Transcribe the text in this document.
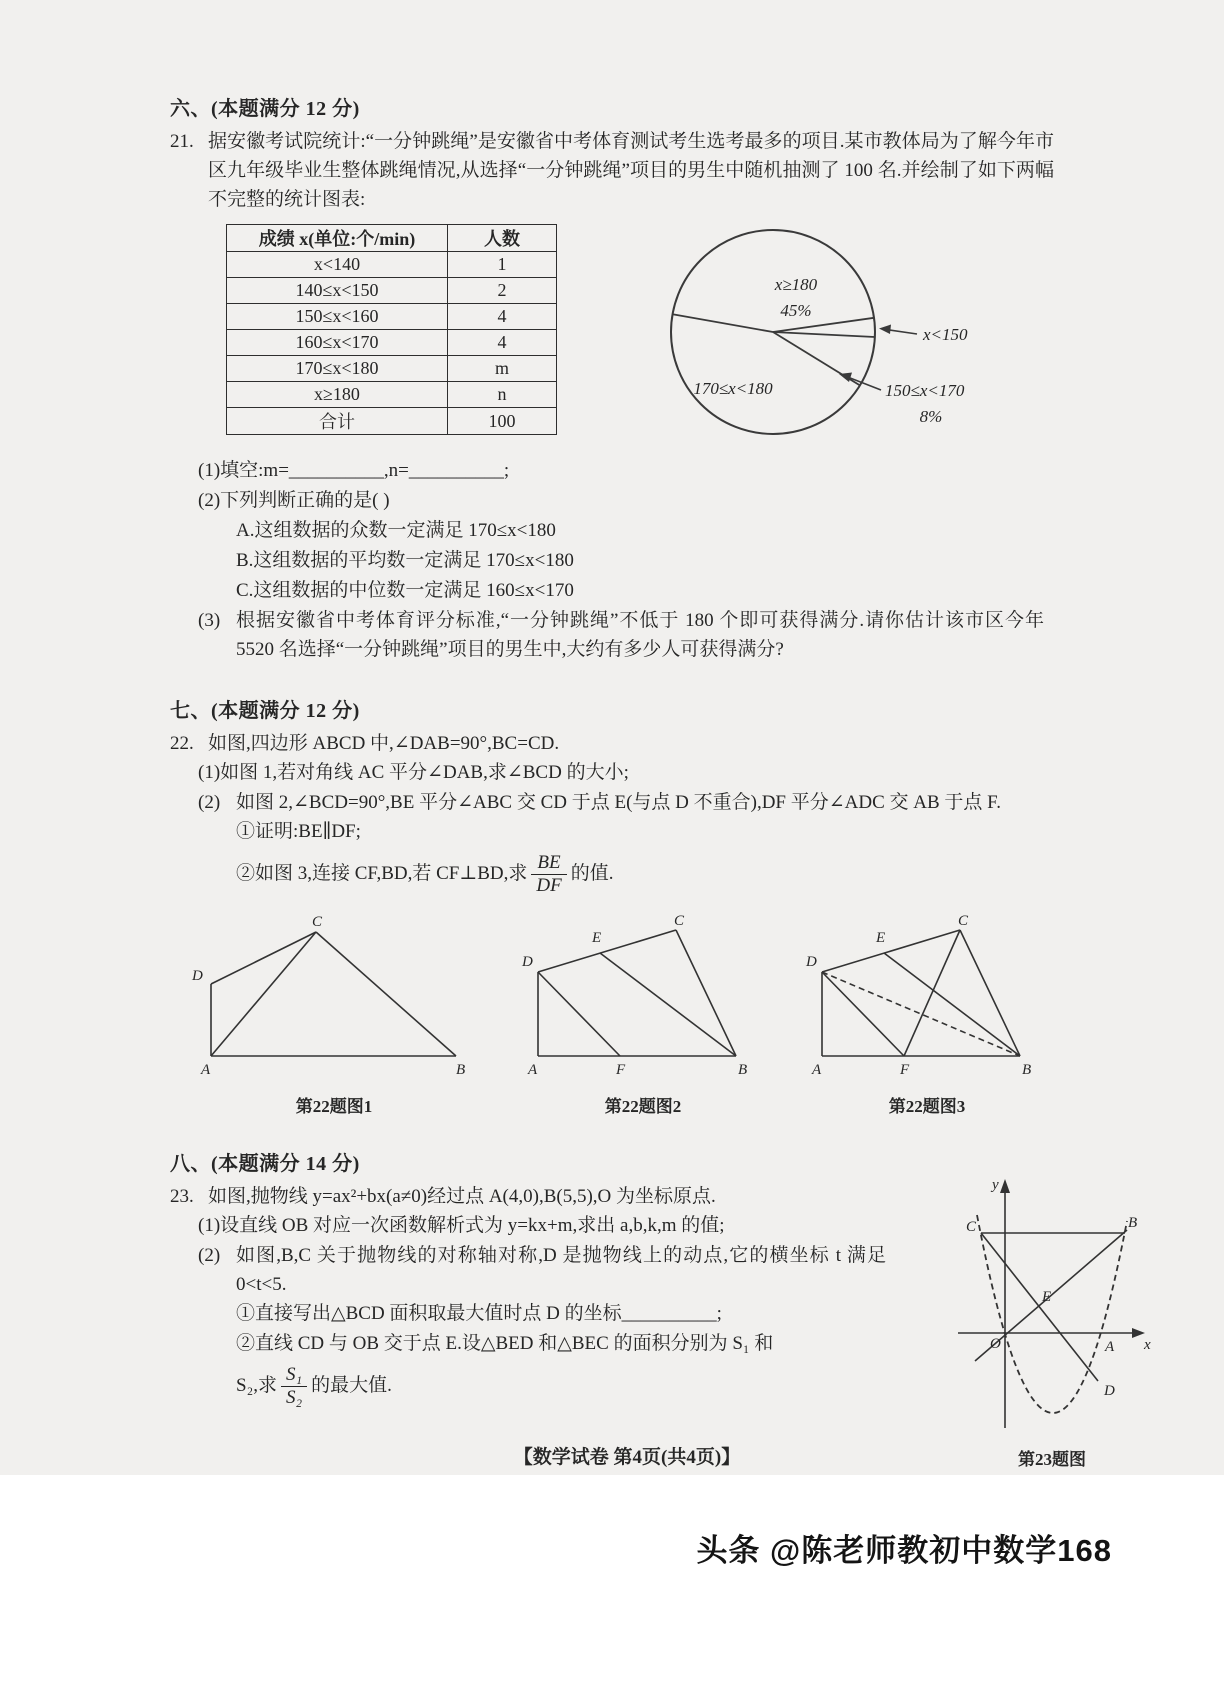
六、(本题满分 12 分)
21. 据安徽考试院统计:“一分钟跳绳”是安徽省中考体育测试考生选考最多的项目.某市教体局为了解今年市区九年级毕业生整体跳绳情况,从选择“一分钟跳绳”项目的男生中随机抽测了 100 名.并绘制了如下两幅不完整的统计图表:
成绩 x(单位:个/min)	人数
x<140	1
140≤x<150	2
150≤x<160	4
160≤x<170	4
170≤x<180	m
x≥180	n
合计	100
x≥180
45%
170≤x<180
x<150
150≤x<170
8%
(1)填空:m=__________,n=__________;
(2)下列判断正确的是( )
A.这组数据的众数一定满足 170≤x<180
B.这组数据的平均数一定满足 170≤x<180
C.这组数据的中位数一定满足 160≤x<170
(3) 根据安徽省中考体育评分标准,“一分钟跳绳”不低于 180 个即可获得满分.请你估计该市区今年 5520 名选择“一分钟跳绳”项目的男生中,大约有多少人可获得满分?
七、(本题满分 12 分)
22. 如图,四边形 ABCD 中,∠DAB=90°,BC=CD.
(1)如图 1,若对角线 AC 平分∠DAB,求∠BCD 的大小;
(2) 如图 2,∠BCD=90°,BE 平分∠ABC 交 CD 于点 E(与点 D 不重合),DF 平分∠ADC 交 AB 于点 F.
①证明:BE∥DF;
②如图 3,连接 CF,BD,若 CF⊥BD,求 $\frac{BE}{DF}$ 的值.
A	B
C
D
第22题图1
A	F	B
C
D
E
第22题图2
A	F	B
C
D
E
第22题图3
八、(本题满分 14 分)
23. 如图,抛物线 y=ax²+bx(a≠0)经过点 A(4,0),B(5,5),O 为坐标原点.
(1)设直线 OB 对应一次函数解析式为 y=kx+m,求出 a,b,k,m 的值;
(2) 如图,B,C 关于抛物线的对称轴对称,D 是抛物线上的动点,它的横坐标 t 满足 0<t<5.
①直接写出△BCD 面积取最大值时点 D 的坐标__________;
②直线 CD 与 OB 交于点 E.设△BED 和△BEC 的面积分别为 S₁ 和
S₂,求 $\frac{\text{S₁}}{\text{S₂}}$ 的最大值.
y
x
O
C	B
E
A
D
第23题图
【数学试卷 第4页(共4页)】
头条 @陈老师教初中数学168
